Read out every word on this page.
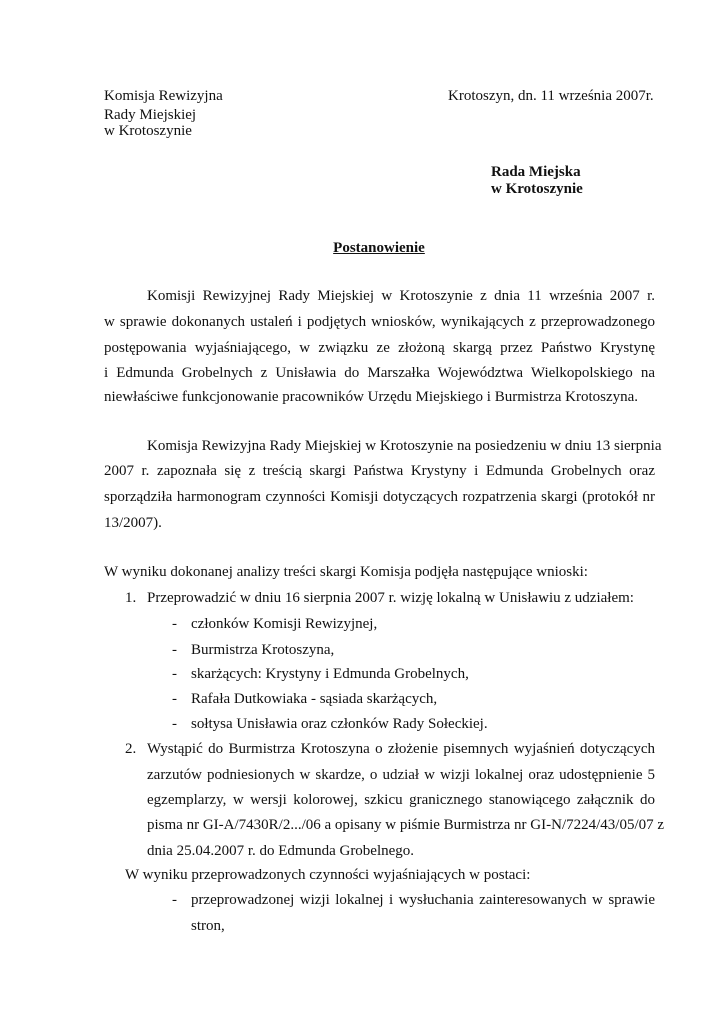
Komisja Rewizyjna
Rady Miejskiej
w Krotoszynie
Krotoszyn, dn. 11 września 2007r.
Rada Miejska
w Krotoszynie
Postanowienie
Komisji Rewizyjnej Rady Miejskiej w Krotoszynie z dnia 11 września 2007 r.
w sprawie dokonanych ustaleń i podjętych wniosków, wynikających z przeprowadzonego
postępowania wyjaśniającego, w związku ze złożoną skargą przez Państwo Krystynę
i Edmunda Grobelnych z Unisławia do Marszałka Województwa Wielkopolskiego na
niewłaściwe funkcjonowanie pracowników Urzędu Miejskiego i Burmistrza Krotoszyna.
Komisja Rewizyjna Rady Miejskiej w Krotoszynie na posiedzeniu w dniu 13 sierpnia
2007 r. zapoznała się z treścią skargi Państwa Krystyny i Edmunda Grobelnych oraz
sporządziła harmonogram czynności Komisji dotyczących rozpatrzenia skargi (protokół nr
13/2007).
W wyniku dokonanej analizy treści skargi Komisja podjęła następujące wnioski:
1. Przeprowadzić w dniu 16 sierpnia 2007 r. wizję lokalną w Unisławiu z udziałem:
- członków Komisji Rewizyjnej,
- Burmistrza Krotoszyna,
- skarżących: Krystyny i Edmunda Grobelnych,
- Rafała Dutkowiaka - sąsiada skarżących,
- sołtysa Unisławia oraz członków Rady Sołeckiej.
2. Wystąpić do Burmistrza Krotoszyna o złożenie pisemnych wyjaśnień dotyczących
zarzutów podniesionych w skardze, o udział w wizji lokalnej oraz udostępnienie 5
egzemplarzy, w wersji kolorowej, szkicu granicznego stanowiącego załącznik do
pisma nr GI-A/7430R/2.../06 a opisany w piśmie Burmistrza nr GI-N/7224/43/05/07 z
dnia 25.04.2007 r. do Edmunda Grobelnego.
W wyniku przeprowadzonych czynności wyjaśniających w postaci:
- przeprowadzonej wizji lokalnej i wysłuchania zainteresowanych w sprawie
stron,
